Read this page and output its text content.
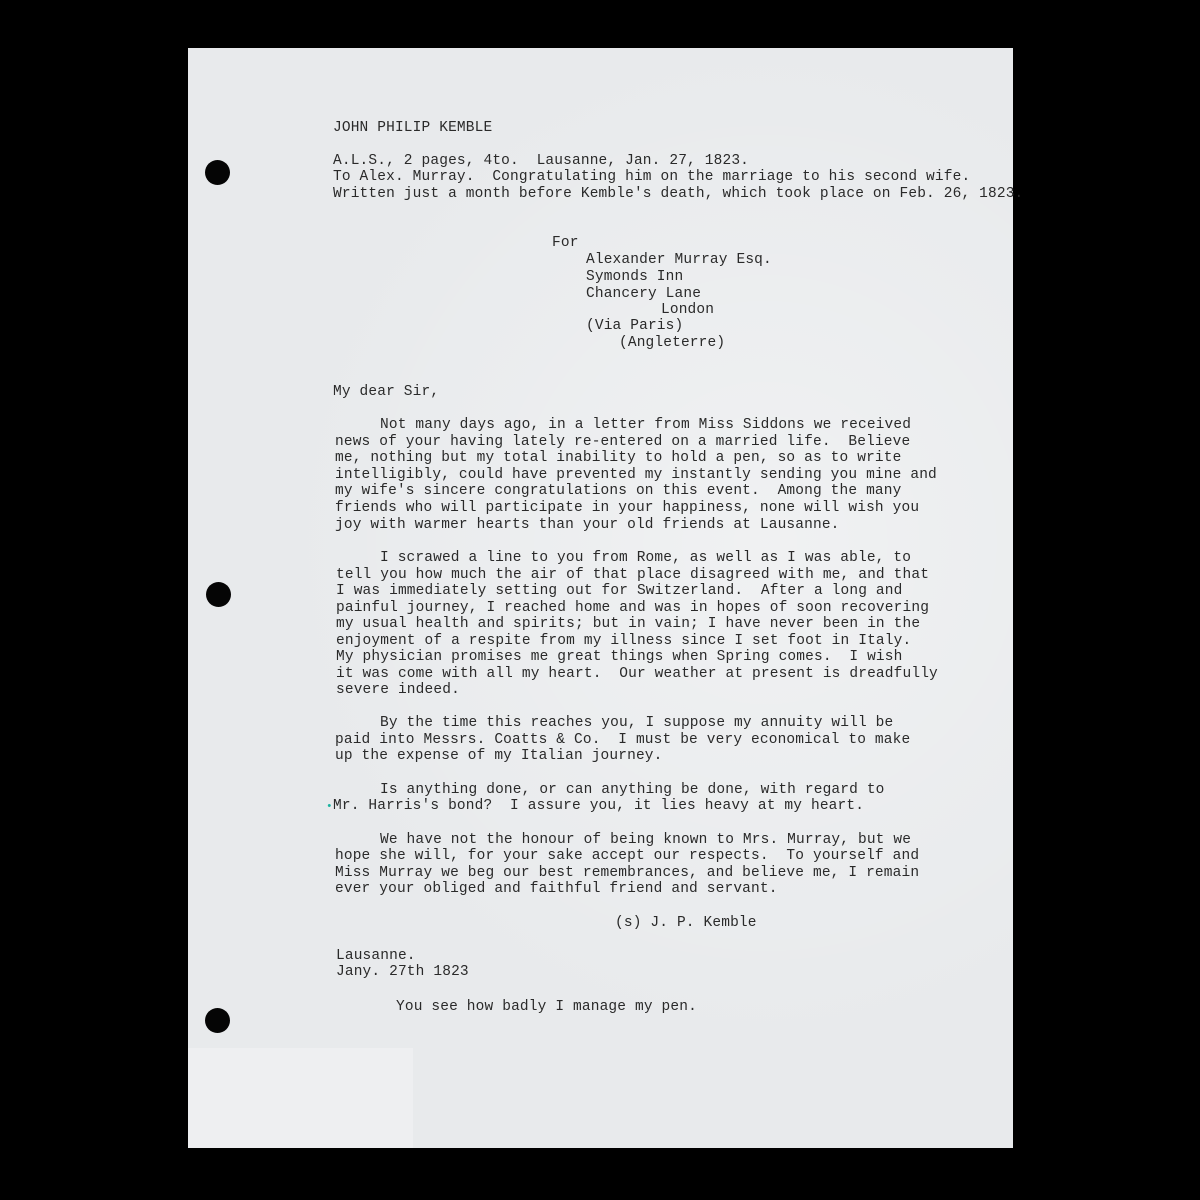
JOHN PHILIP KEMBLE

A.L.S., 2 pages, 4to.  Lausanne, Jan. 27, 1823.

To Alex. Murray.  Congratulating him on the marriage to his second wife.

Written just a month before Kemble's death, which took place on Feb. 26, 1823.

For

Alexander Murray Esq.

Symonds Inn

Chancery Lane

London

(Via Paris)

(Angleterre)

My dear Sir,

Not many days ago, in a letter from Miss Siddons we received

news of your having lately re-entered on a married life.  Believe

me, nothing but my total inability to hold a pen, so as to write

intelligibly, could have prevented my instantly sending you mine and

my wife's sincere congratulations on this event.  Among the many

friends who will participate in your happiness, none will wish you

joy with warmer hearts than your old friends at Lausanne.

I scrawed a line to you from Rome, as well as I was able, to

tell you how much the air of that place disagreed with me, and that

I was immediately setting out for Switzerland.  After a long and

painful journey, I reached home and was in hopes of soon recovering

my usual health and spirits; but in vain; I have never been in the

enjoyment of a respite from my illness since I set foot in Italy.

My physician promises me great things when Spring comes.  I wish

it was come with all my heart.  Our weather at present is dreadfully

severe indeed.

By the time this reaches you, I suppose my annuity will be

paid into Messrs. Coatts & Co.  I must be very economical to make

up the expense of my Italian journey.

Is anything done, or can anything be done, with regard to

• Mr. Harris's bond?  I assure you, it lies heavy at my heart.

We have not the honour of being known to Mrs. Murray, but we

hope she will, for your sake accept our respects.  To yourself and

Miss Murray we beg our best remembrances, and believe me, I remain

ever your obliged and faithful friend and servant.

(s) J. P. Kemble

Lausanne.

Jany. 27th 1823

You see how badly I manage my pen.
